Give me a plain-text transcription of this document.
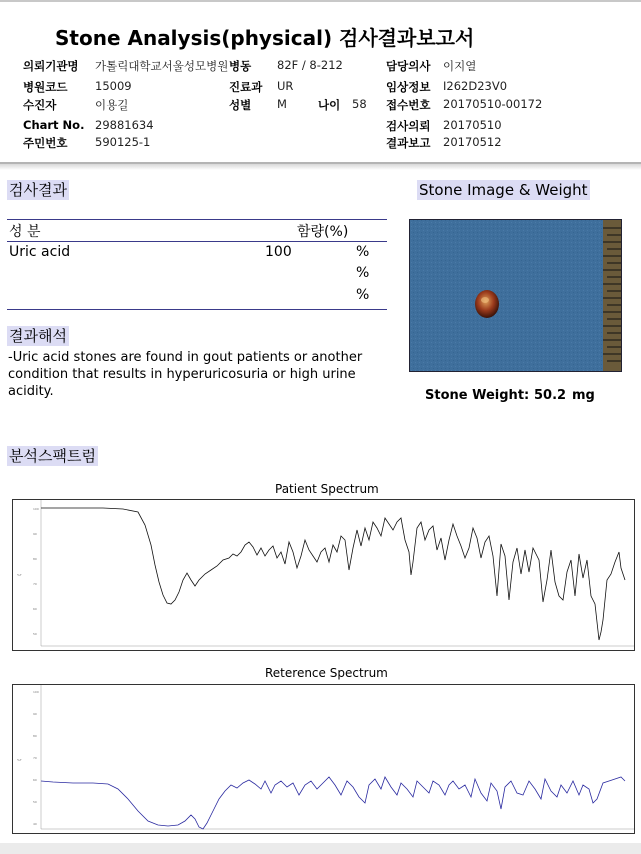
Stone Analysis(physical) 검사결과보고서
의뢰기관명 가톨릭대학교서울성모병원
병원코드 15009
수진자	이용길
Chart No. 29881634
주민번호 590125-1
병동 82F / 8-212
진료과 UR
성별 M	나이 58
담당의사 이지열
임상정보 I262D23V0
접수번호 20170510-00172
검사의뢰 20170510
결과보고 20170512
검사결과
성 분	함량(%)
Uric acid	100	%
%
%
결과해석
-Uric acid stones are found in gout patients or another condition that results in hyperuricosuria or high urine acidity.
Stone Image & Weight
Stone Weight: 50.2 mg
분석스팩트럼
Patient Spectrum
100
90
80
%T
70
60
50
Reterence Spectrum
100
90
80
70
%T
60
50
40
